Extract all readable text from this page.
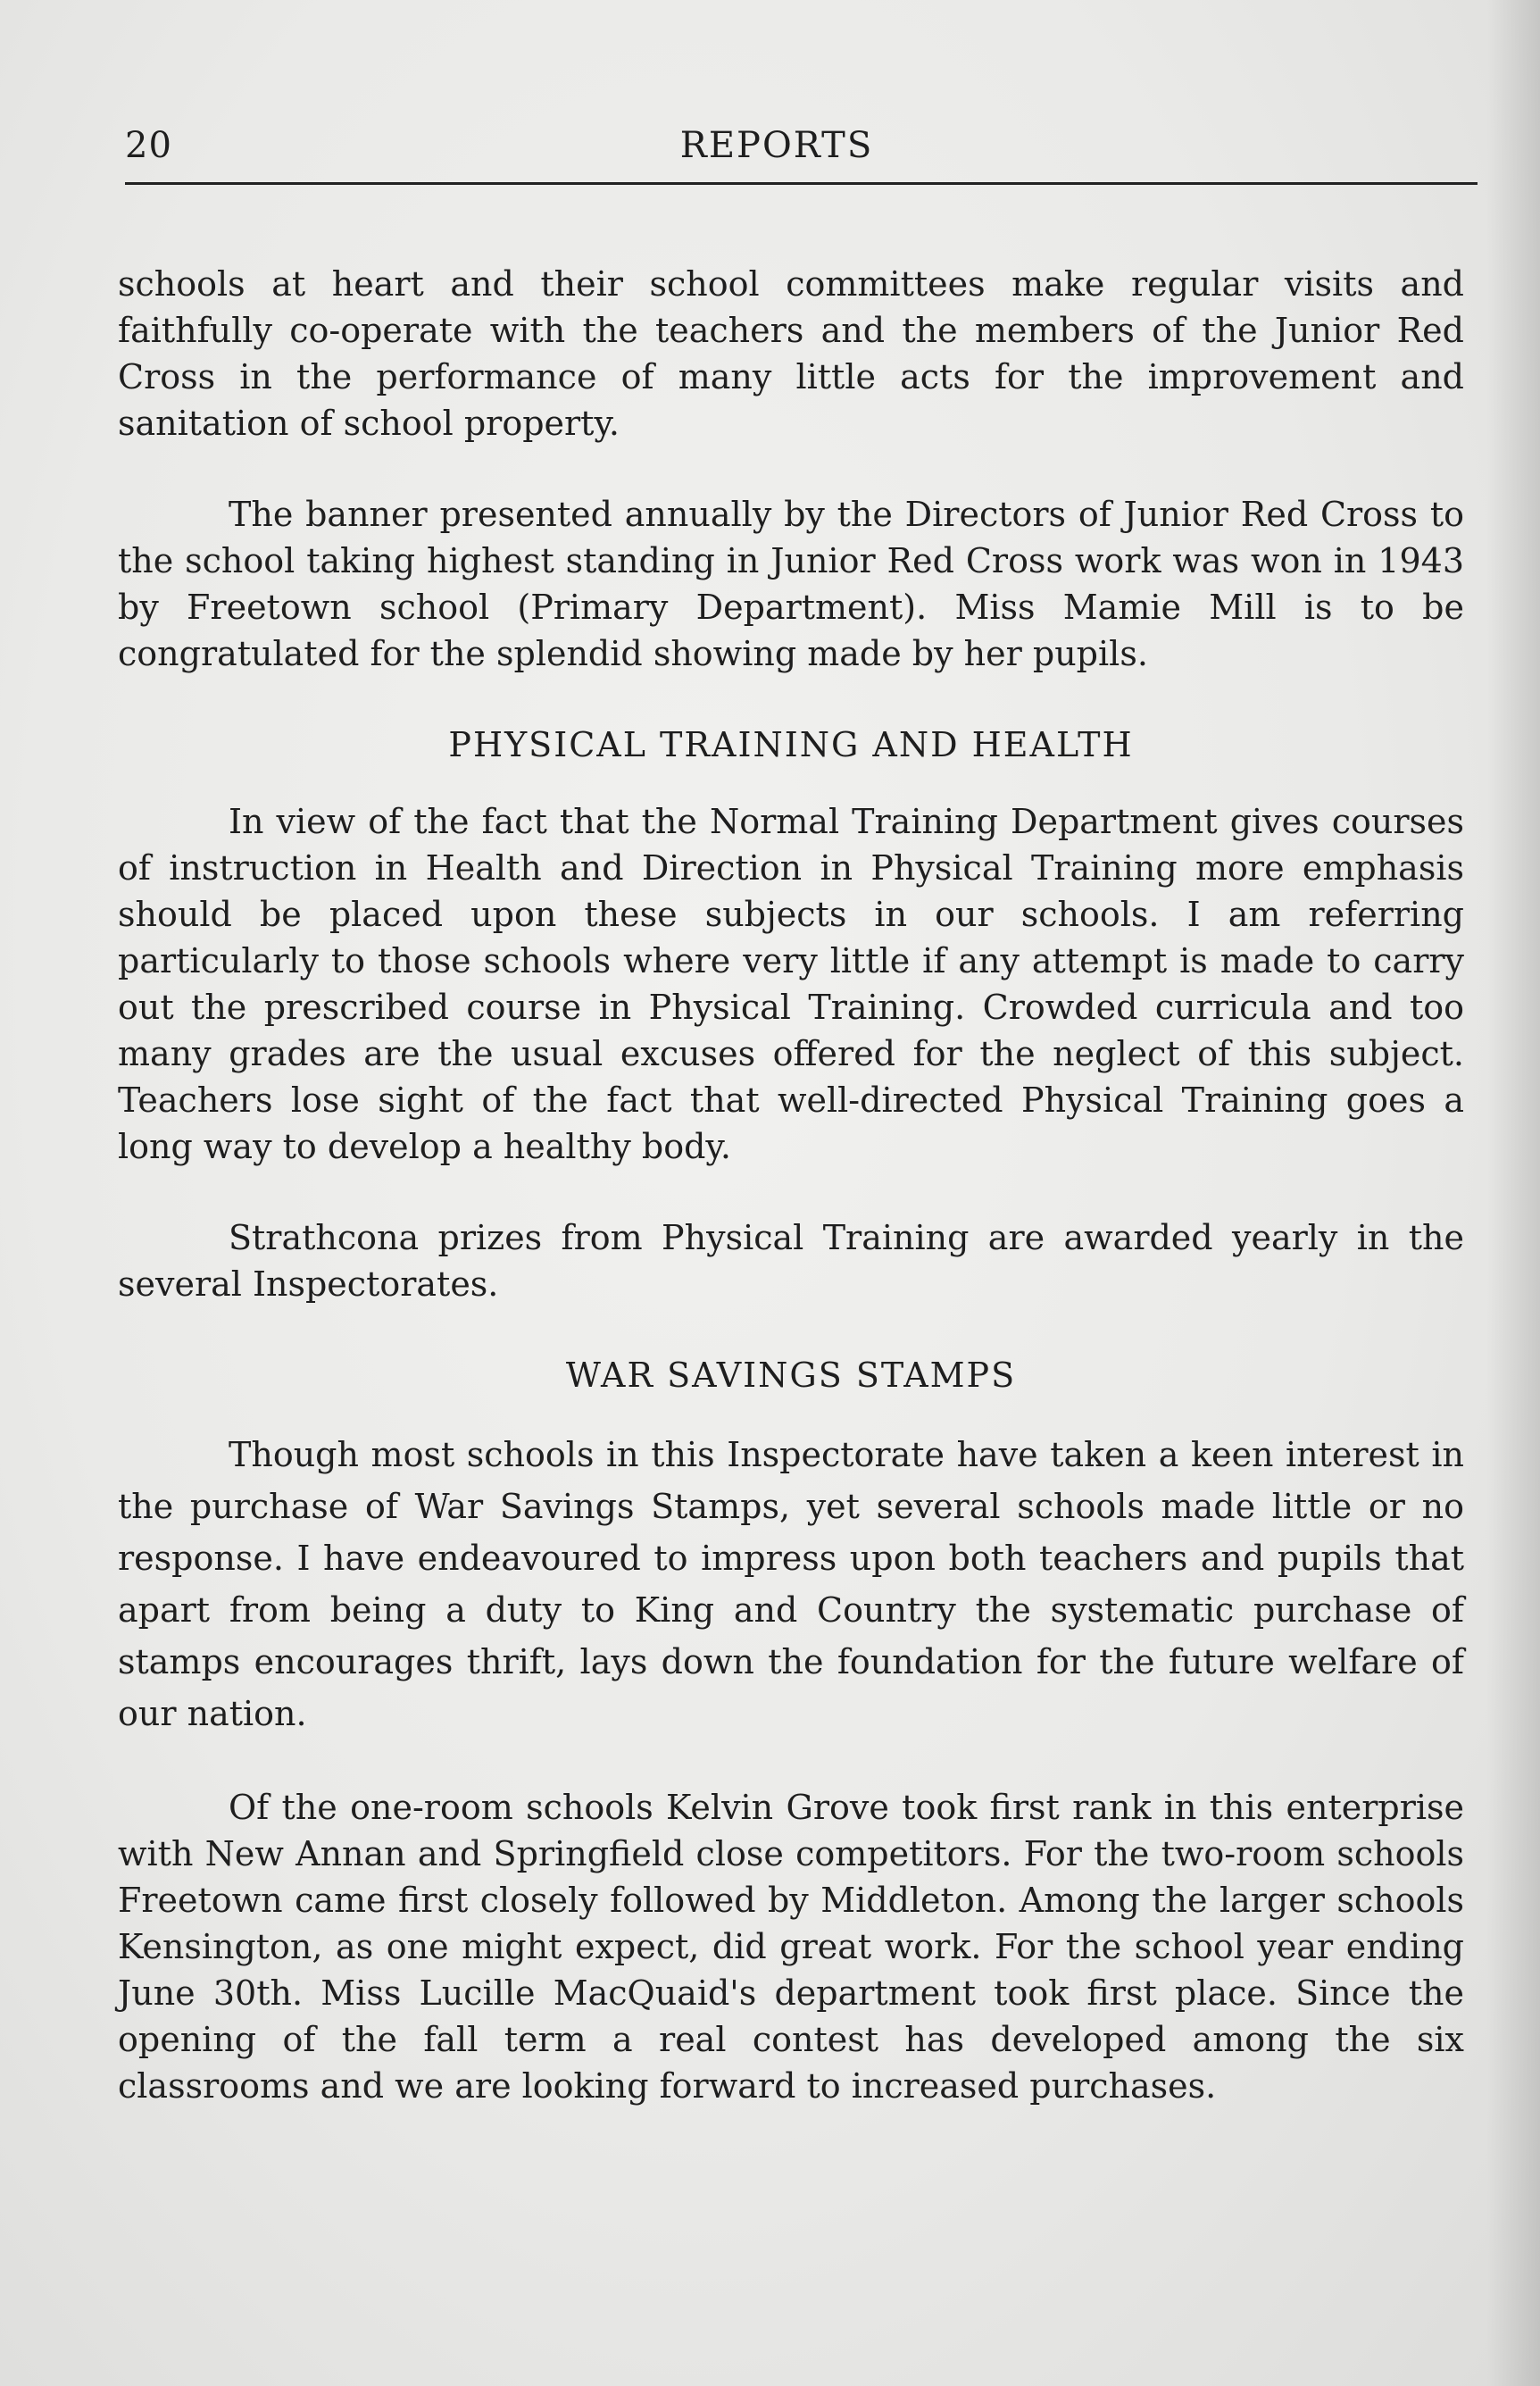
20	REPORTS

schools at heart and their school committees make regular visits and faithfully co-operate with the teachers and the members of the Junior Red Cross in the performance of many little acts for the improvement and sanitation of school property.

The banner presented annually by the Directors of Junior Red Cross to the school taking highest standing in Junior Red Cross work was won in 1943 by Freetown school (Primary Department). Miss Mamie Mill is to be congratulated for the splendid showing made by her pupils.

PHYSICAL TRAINING AND HEALTH

In view of the fact that the Normal Training Department gives courses of instruction in Health and Direction in Physical Training more emphasis should be placed upon these subjects in our schools. I am referring particularly to those schools where very little if any attempt is made to carry out the prescribed course in Physical Training. Crowded curricula and too many grades are the usual excuses offered for the neglect of this subject. Teachers lose sight of the fact that well-directed Physical Training goes a long way to develop a healthy body.

Strathcona prizes from Physical Training are awarded yearly in the several Inspectorates.

WAR SAVINGS STAMPS

Though most schools in this Inspectorate have taken a keen interest in the purchase of War Savings Stamps, yet several schools made little or no response. I have endeavoured to impress upon both teachers and pupils that apart from being a duty to King and Country the systematic purchase of stamps encourages thrift, lays down the foundation for the future welfare of our nation.

Of the one-room schools Kelvin Grove took first rank in this enterprise with New Annan and Springfield close competitors. For the two-room schools Freetown came first closely followed by Middleton. Among the larger schools Kensington, as one might expect, did great work. For the school year ending June 30th. Miss Lucille MacQuaid's department took first place. Since the opening of the fall term a real contest has developed among the six classrooms and we are looking forward to increased purchases.
